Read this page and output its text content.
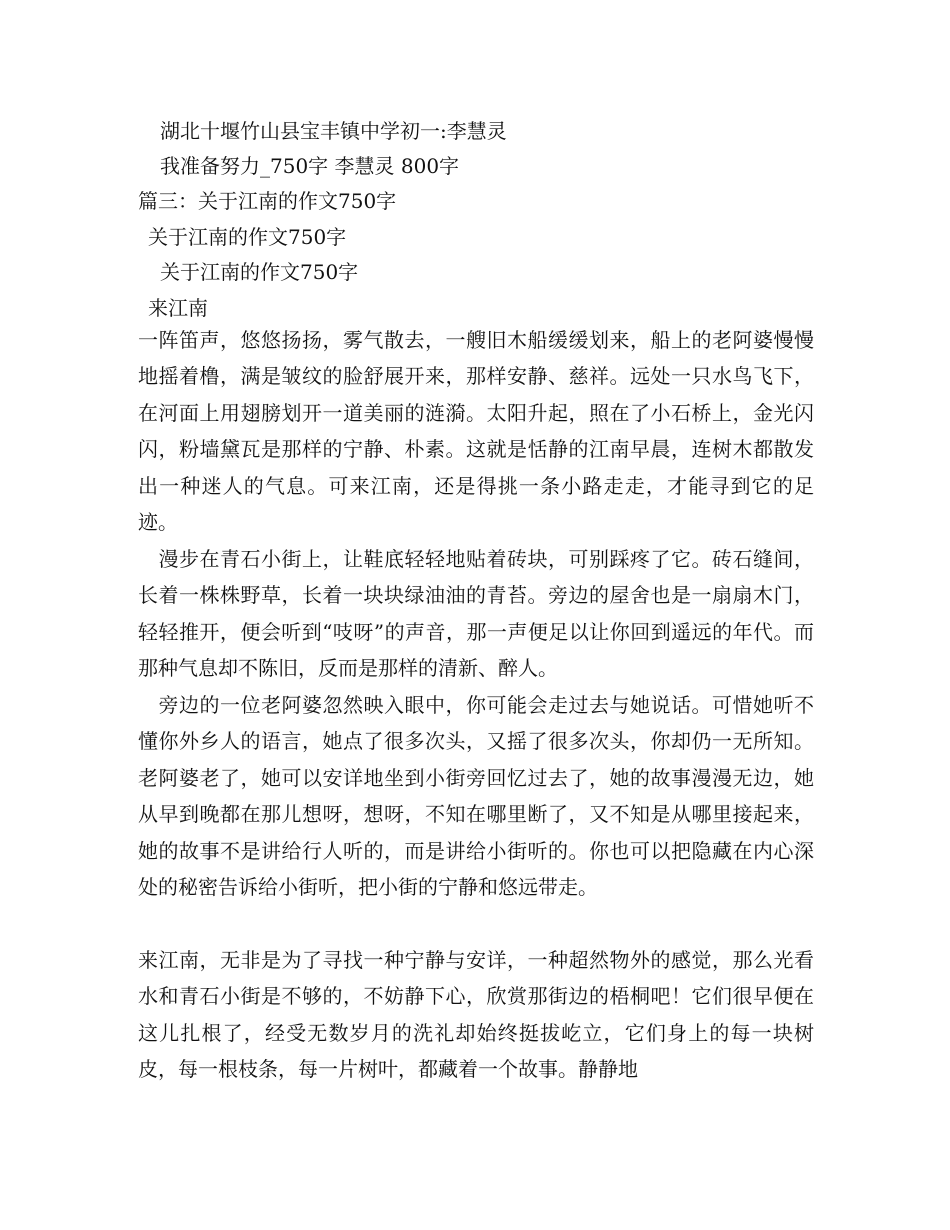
湖北十堰竹山县宝丰镇中学初一:李慧灵
我准备努力_750字 李慧灵 800字
篇三：关于江南的作文750字
关于江南的作文750字
关于江南的作文750字
来江南

一阵笛声，悠悠扬扬，雾气散去，一艘旧木船缓缓划来，船上的老阿婆慢慢地摇着橹，满是皱纹的脸舒展开来，那样安静、慈祥。远处一只水鸟飞下，在河面上用翅膀划开一道美丽的涟漪。太阳升起，照在了小石桥上，金光闪闪，粉墙黛瓦是那样的宁静、朴素。这就是恬静的江南早晨，连树木都散发出一种迷人的气息。可来江南，还是得挑一条小路走走，才能寻到它的足迹。

　漫步在青石小街上，让鞋底轻轻地贴着砖块，可别踩疼了它。砖石缝间，长着一株株野草，长着一块块绿油油的青苔。旁边的屋舍也是一扇扇木门，轻轻推开，便会听到“吱呀”的声音，那一声便足以让你回到遥远的年代。而那种气息却不陈旧，反而是那样的清新、醉人。

　旁边的一位老阿婆忽然映入眼中，你可能会走过去与她说话。可惜她听不懂你外乡人的语言，她点了很多次头，又摇了很多次头，你却仍一无所知。老阿婆老了，她可以安详地坐到小街旁回忆过去了，她的故事漫漫无边，她从早到晚都在那儿想呀，想呀，不知在哪里断了，又不知是从哪里接起来，她的故事不是讲给行人听的，而是讲给小街听的。你也可以把隐藏在内心深处的秘密告诉给小街听，把小街的宁静和悠远带走。

来江南，无非是为了寻找一种宁静与安详，一种超然物外的感觉，那么光看水和青石小街是不够的，不妨静下心，欣赏那街边的梧桐吧！它们很早便在这儿扎根了，经受无数岁月的洗礼却始终挺拔屹立，它们身上的每一块树皮，每一根枝条，每一片树叶，都藏着一个故事。静静地
